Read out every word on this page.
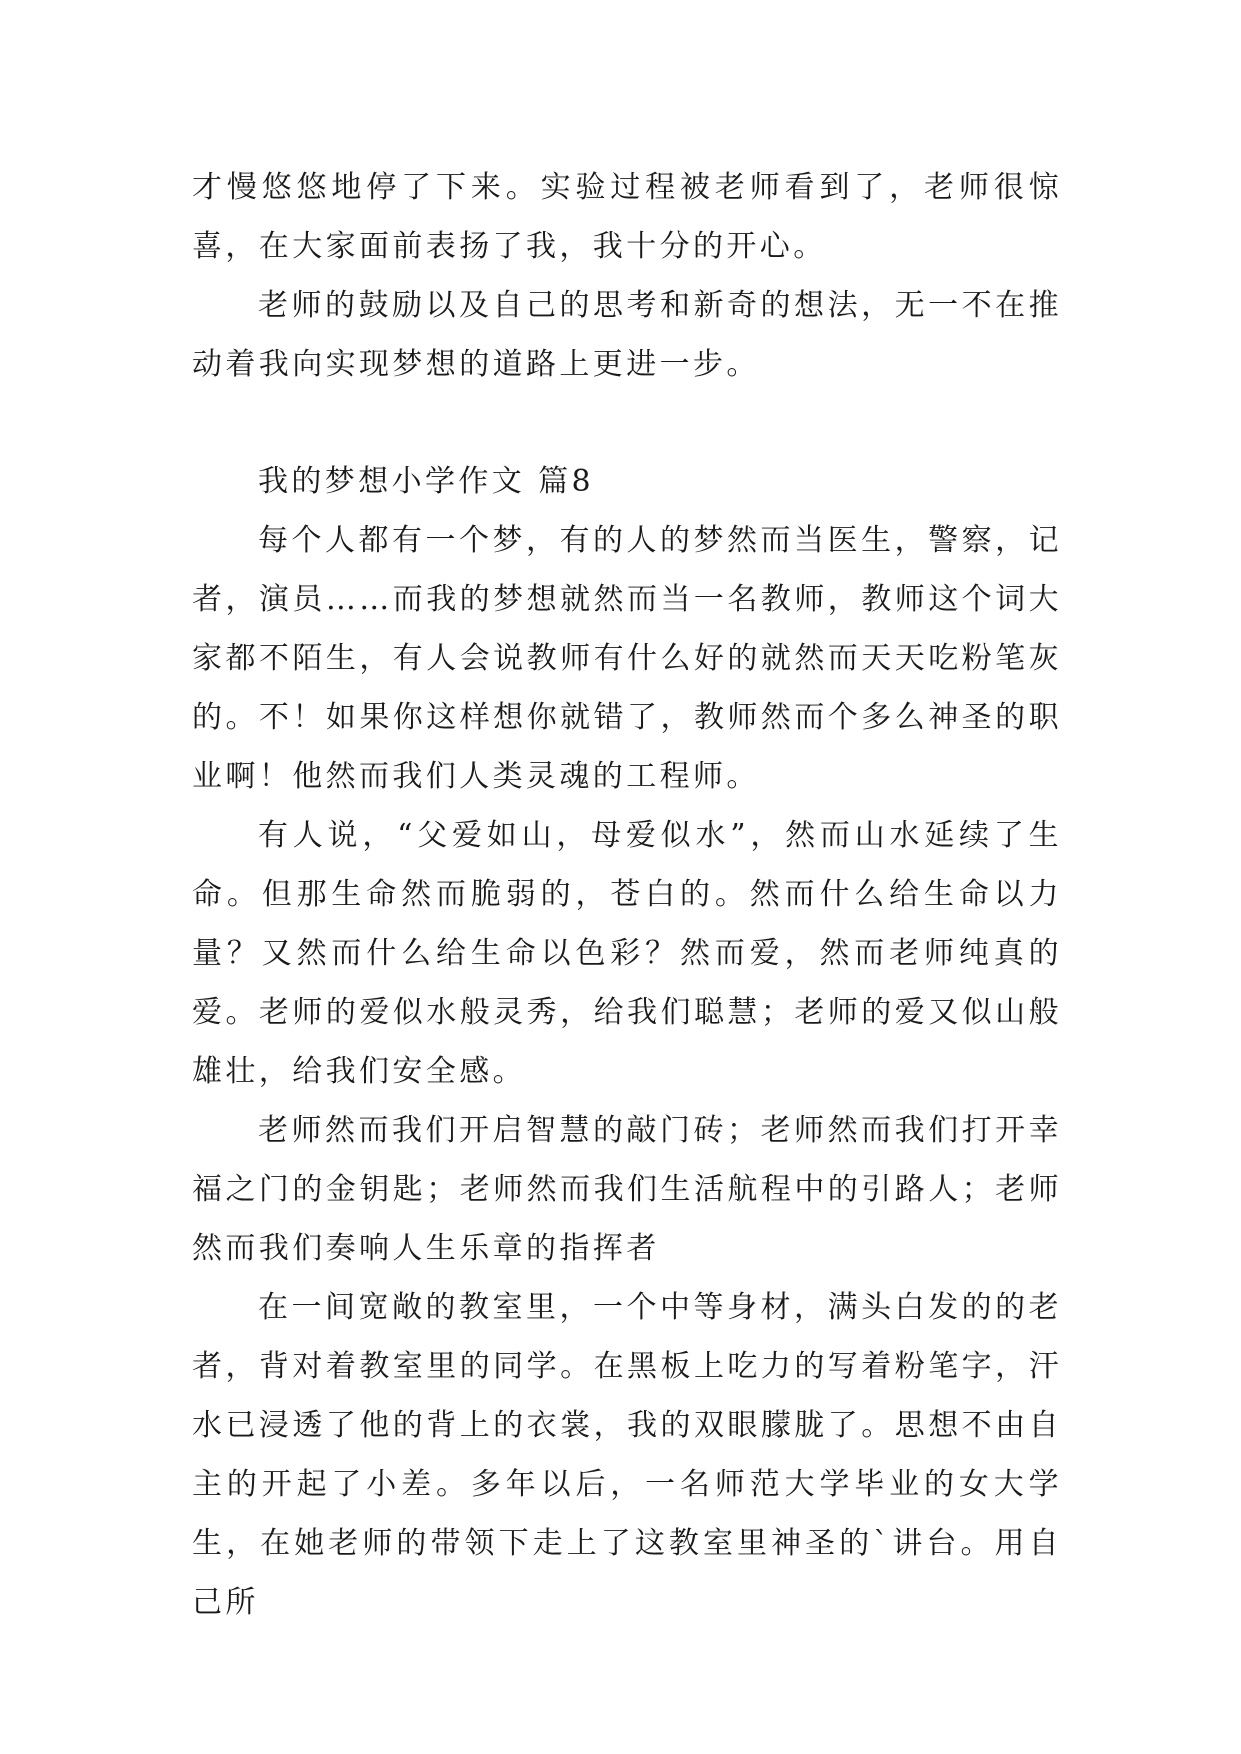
才慢悠悠地停了下来。实验过程被老师看到了，老师很惊喜，在大家面前表扬了我，我十分的开心。

老师的鼓励以及自己的思考和新奇的想法，无一不在推动着我向实现梦想的道路上更进一步。

我的梦想小学作文 篇8

每个人都有一个梦，有的人的梦然而当医生，警察，记者，演员……而我的梦想就然而当一名教师，教师这个词大家都不陌生，有人会说教师有什么好的就然而天天吃粉笔灰的。不！如果你这样想你就错了，教师然而个多么神圣的职业啊！他然而我们人类灵魂的工程师。

有人说，“父爱如山，母爱似水”，然而山水延续了生命。但那生命然而脆弱的，苍白的。然而什么给生命以力量？又然而什么给生命以色彩？然而爱，然而老师纯真的爱。老师的爱似水般灵秀，给我们聪慧；老师的爱又似山般雄壮，给我们安全感。

老师然而我们开启智慧的敲门砖；老师然而我们打开幸福之门的金钥匙；老师然而我们生活航程中的引路人；老师然而我们奏响人生乐章的指挥者

在一间宽敞的教室里，一个中等身材，满头白发的的老者，背对着教室里的同学。在黑板上吃力的写着粉笔字，汗水已浸透了他的背上的衣裳，我的双眼朦胧了。思想不由自主的开起了小差。多年以后，一名师范大学毕业的女大学生，在她老师的带领下走上了这教室里神圣的`讲台。用自己所
